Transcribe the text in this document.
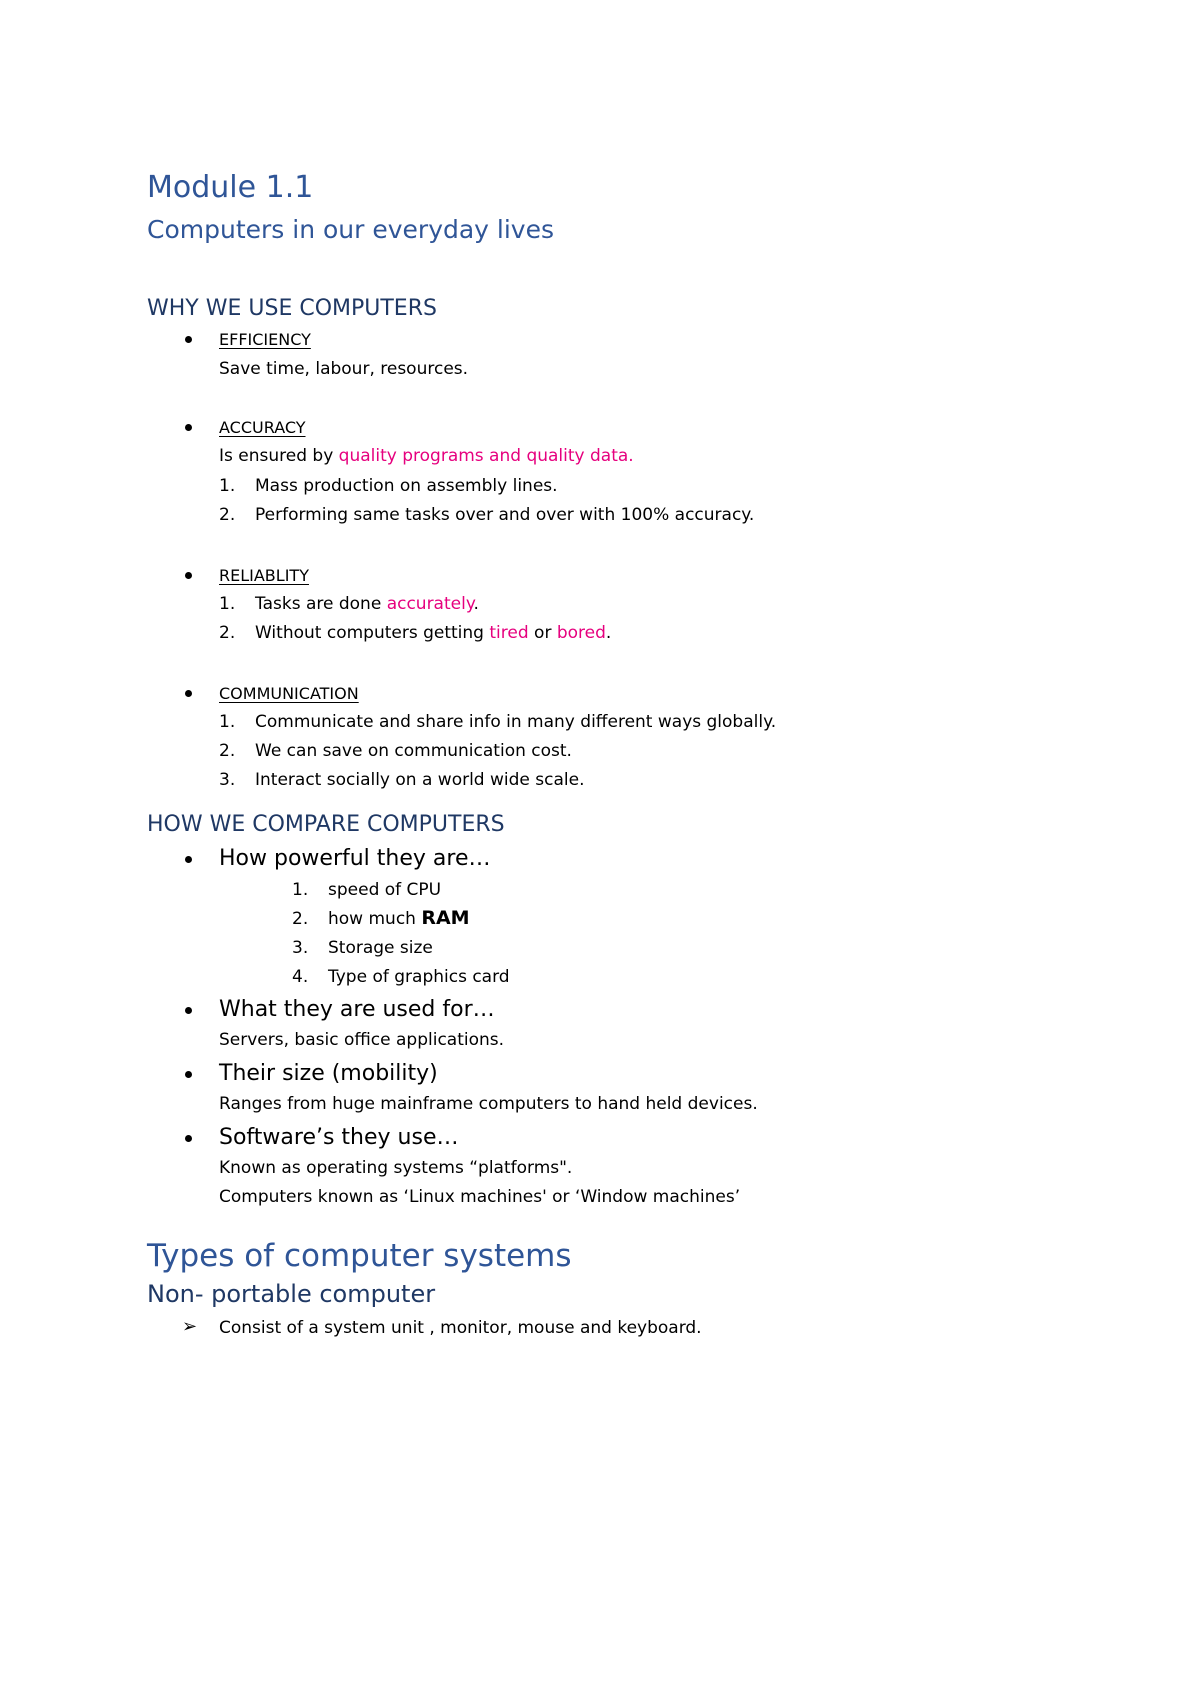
Module 1.1
Computers in our everyday lives
WHY WE USE COMPUTERS
EFFICIENCY
Save time, labour, resources.
ACCURACY
Is ensured by quality programs and quality data.
1. Mass production on assembly lines.
2. Performing same tasks over and over with 100% accuracy.
RELIABLITY
1. Tasks are done accurately.
2. Without computers getting tired or bored.
COMMUNICATION
1. Communicate and share info in many different ways globally.
2. We can save on communication cost.
3. Interact socially on a world wide scale.
HOW WE COMPARE COMPUTERS
How powerful they are…
1. speed of CPU
2. how much RAM
3. Storage size
4. Type of graphics card
What they are used for…
Servers, basic office applications.
Their size (mobility)
Ranges from huge mainframe computers to hand held devices.
Software’s they use…
Known as operating systems “platforms".
Computers known as ‘Linux machines' or ‘Window machines’
Types of computer systems
Non- portable computer
➢ Consist of a system unit , monitor, mouse and keyboard.
